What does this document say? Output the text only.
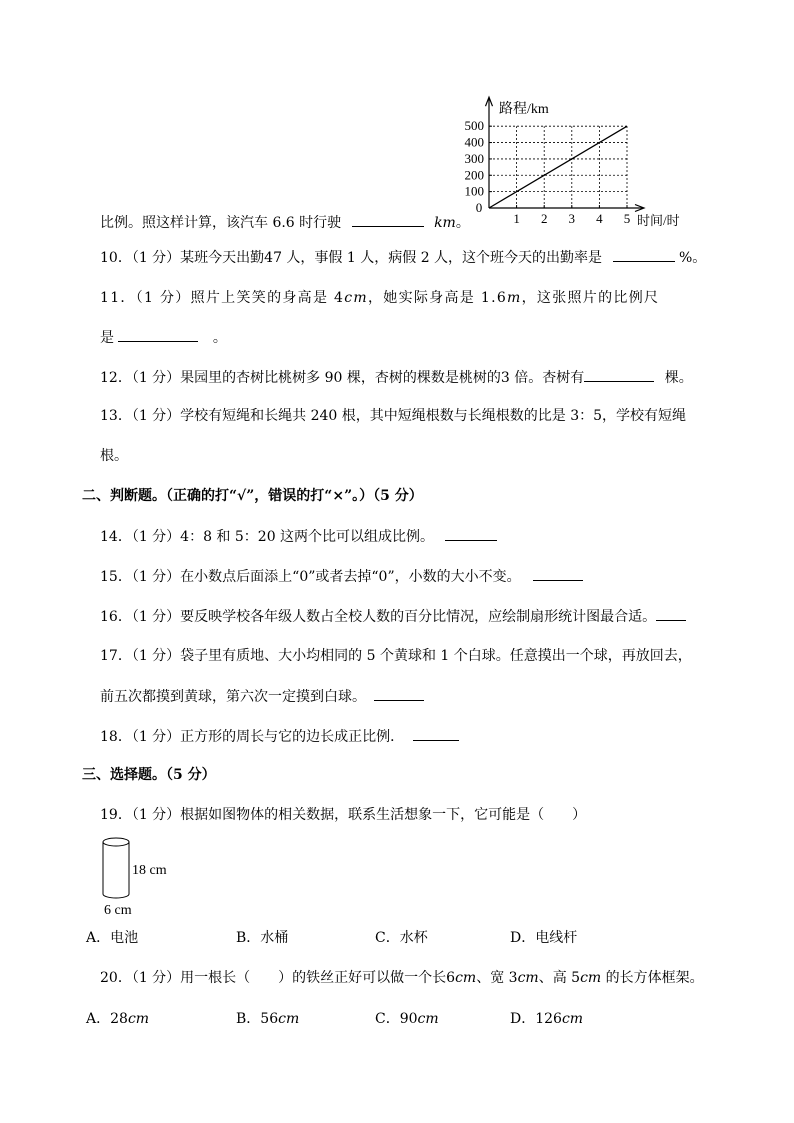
1 2 3 4 5
100
200
300
400
500
0
路程/km
时间/时
比例。照这样计算，该汽车 6.6 时行驶	km。
10．（1 分）某班今天出勤47 人，事假 1 人，病假 2 人，这个班今天的出勤率是	%。
11．（1 分）照片上笑笑的身高是 4cm，她实际身高是 1.6m，这张照片的比例尺
是	。
12．（1 分）果园里的杏树比桃树多 90 棵，杏树的棵数是桃树的3 倍。杏树有	棵。
13．（1 分）学校有短绳和长绳共 240 根，其中短绳根数与长绳根数的比是 3：5，学校有短绳
根。
二、判断题。（正确的打“√”，错误的打“×”。）（5 分）
14．（1 分）4：8 和 5：20 这两个比可以组成比例。
15．（1 分）在小数点后面添上“0”或者去掉“0”，小数的大小不变。
16．（1 分）要反映学校各年级人数占全校人数的百分比情况，应绘制扇形统计图最合适。
17．（1 分）袋子里有质地、大小均相同的 5 个黄球和 1 个白球。任意摸出一个球，再放回去，
前五次都摸到黄球，第六次一定摸到白球。
18．（1 分）正方形的周长与它的边长成正比例．
三、选择题。（5 分）
19．（1 分）根据如图物体的相关数据，联系生活想象一下，它可能是（　　）
18 cm
6 cm
A．电池	B．水桶	C．水杯	D．电线杆
20．（1 分）用一根长（　　）的铁丝正好可以做一个长6cm、宽 3cm、高 5cm 的长方体框架。
A．28cm	B．56cm	C．90cm	D．126cm
